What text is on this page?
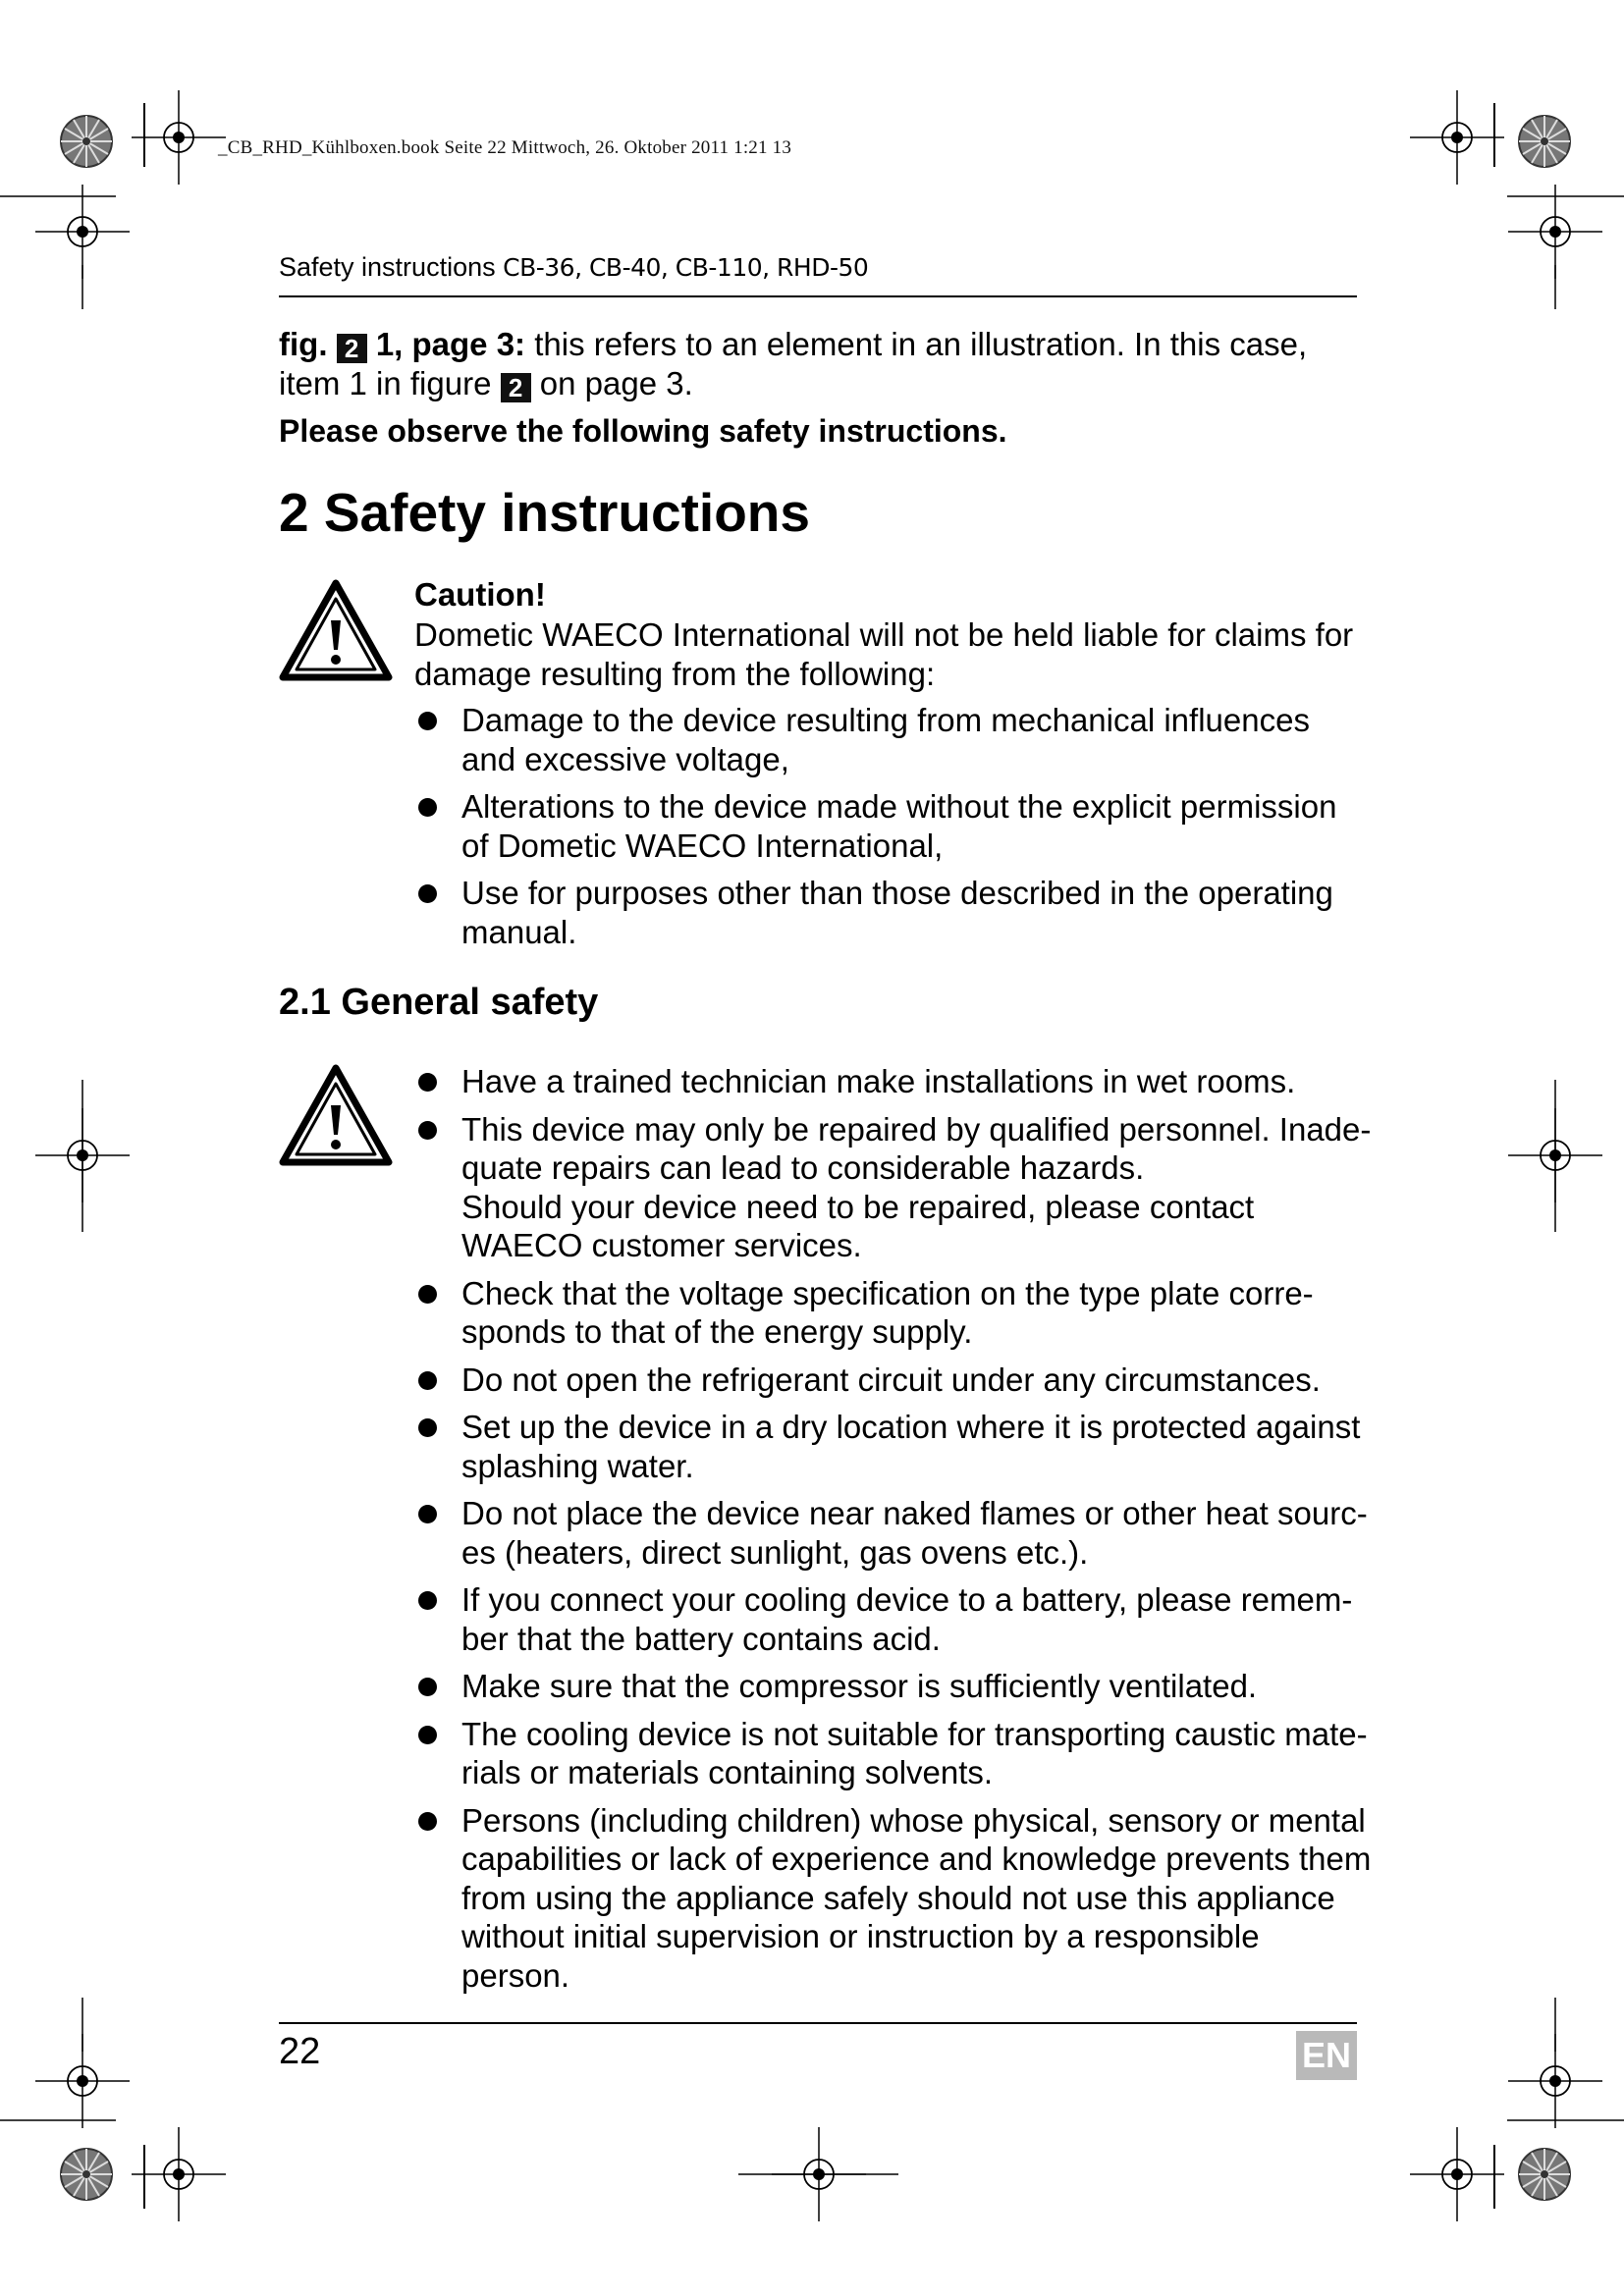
_CB_RHD_Kühlboxen.book Seite 22 Mittwoch, 26. Oktober 2011 1:21 13
Safety instructions CB-36, CB-40, CB-110, RHD-50
fig. 2 1, page 3: this refers to an element in an illustration. In this case,
item 1 in figure 2 on page 3.
Please observe the following safety instructions.
2 Safety instructions
Caution!
Dometic WAECO International will not be held liable for claims for damage resulting from the following:
Damage to the device resulting from mechanical influences and excessive voltage,
Alterations to the device made without the explicit permission of Dometic WAECO International,
Use for purposes other than those described in the operating manual.
2.1 General safety
Have a trained technician make installations in wet rooms.
This device may only be repaired by qualified personnel. Inade-
quate repairs can lead to considerable hazards.
Should your device need to be repaired, please contact
WAECO customer services.
Check that the voltage specification on the type plate corre-
sponds to that of the energy supply.
Do not open the refrigerant circuit under any circumstances.
Set up the device in a dry location where it is protected against
splashing water.
Do not place the device near naked flames or other heat sourc-
es (heaters, direct sunlight, gas ovens etc.).
If you connect your cooling device to a battery, please remem-
ber that the battery contains acid.
Make sure that the compressor is sufficiently ventilated.
The cooling device is not suitable for transporting caustic mate-
rials or materials containing solvents.
Persons (including children) whose physical, sensory or mental
capabilities or lack of experience and knowledge prevents them
from using the appliance safely should not use this appliance
without initial supervision or instruction by a responsible person.
22	EN
